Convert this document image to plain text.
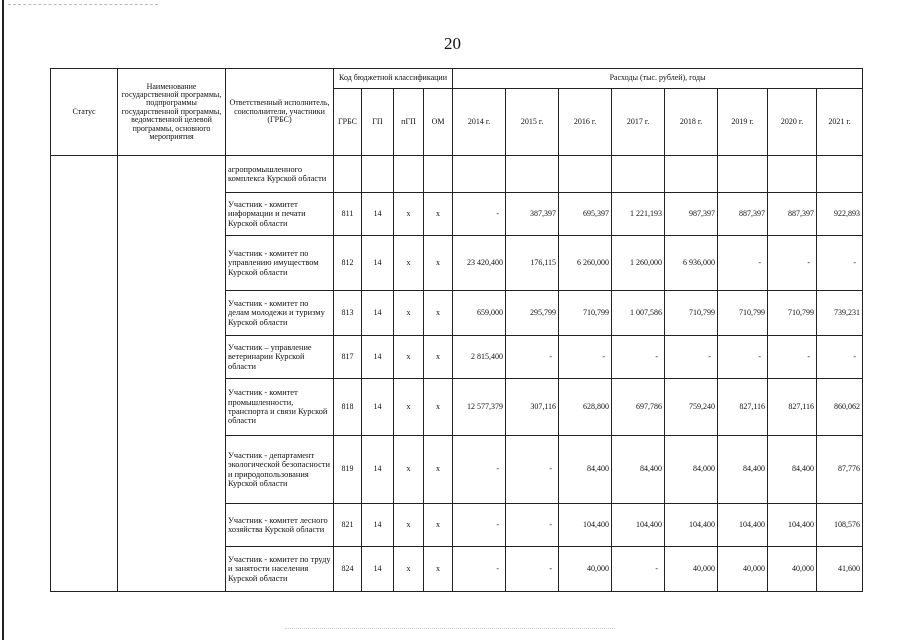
20
Статус	Наименование государственной программы, подпрограммы государственной программы, ведомственной целевой программы, основного мероприятия	Ответственный исполнитель, соисполнители, участники (ГРБС)	Код бюджетной классификации				Расходы (тыс. рублей), годы							
			ГРБС	ГП	пГП	ОМ	2014 г.	2015 г.	2016 г.	2017 г.	2018 г.	2019 г.	2020 г.	2021 г.
		агропромышленного комплекса Курской области												
		Участник - комитет информации и печати Курской области	811	14	х	х	-	387,397	695,397	1 221,193	987,397	887,397	887,397	922,893
		Участник - комитет по управлению имуществом Курской области	812	14	х	х	23 420,400	176,115	6 260,000	1 260,000	6 936,000	-	-	-
		Участник - комитет по делам молодежи и туризму Курской области	813	14	х	х	659,000	295,799	710,799	1 007,586	710,799	710,799	710,799	739,231
		Участник – управление ветеринарии Курской области	817	14	х	х	2 815,400	-	-	-	-	-	-	-
		Участник - комитет промышленности, транспорта и связи Курской области	818	14	х	х	12 577,379	307,116	628,800	697,786	759,240	827,116	827,116	860,062
		Участник - департамент экологической безопасности и природопользования Курской области	819	14	х	х	-	-	84,400	84,400	84,000	84,400	84,400	87,776
		Участник - комитет лесного хозяйства Курской области	821	14	х	х	-	-	104,400	104,400	104,400	104,400	104,400	108,576
		Участник - комитет по труду и занятости населения Курской области	824	14	х	х	-	-	40,000	-	40,000	40,000	40,000	41,600
